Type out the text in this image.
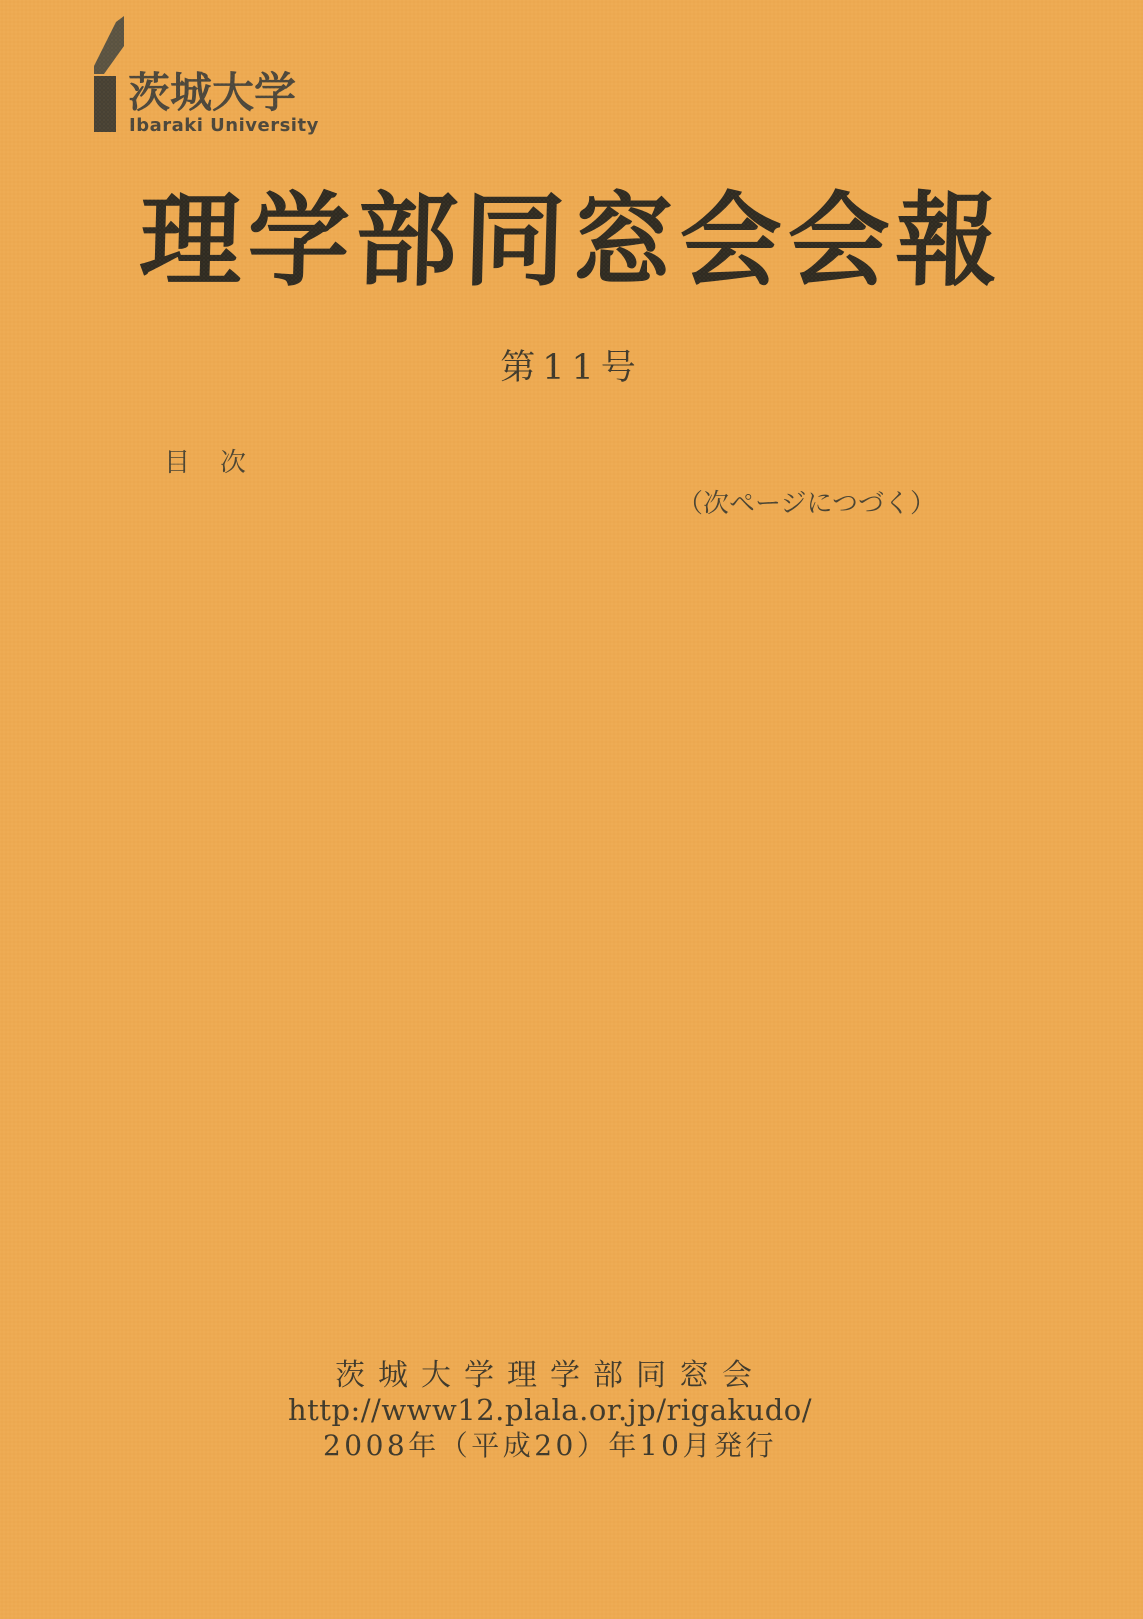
茨城大学
Ibaraki University
理学部同窓会会報
第11号
目　次
（次ページにつづく）
茨城大学理学部同窓会
http://www12.plala.or.jp/rigakudo/
2008年（平成20）年10月発行
